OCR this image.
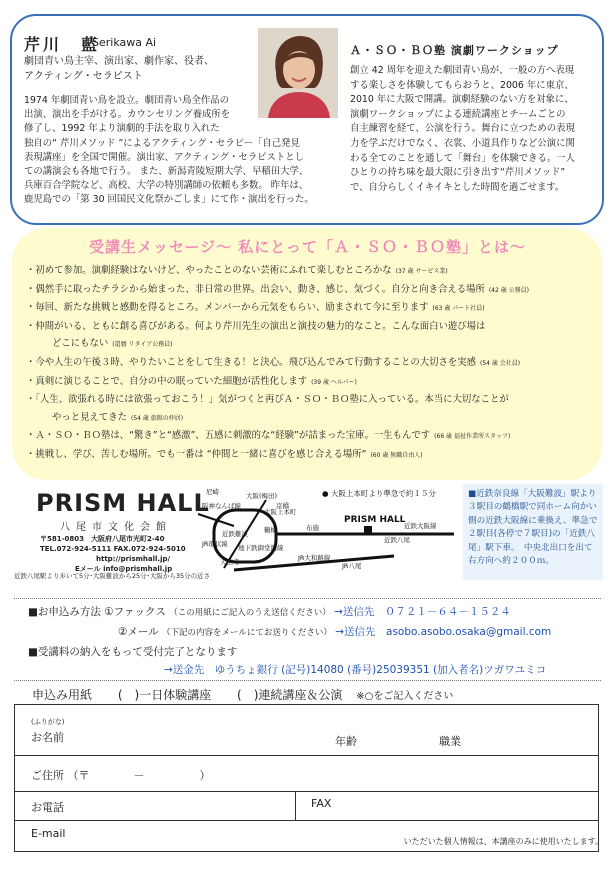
芹川　藍
Serikawa Ai
劇団青い鳥主宰、演出家、劇作家、役者、
アクティング・セラピスト
1974 年劇団青い鳥を設立。劇団青い鳥全作品の
出演、演出を手がける。カウンセリング養成所を
修了し、1992 年より演劇的手法を取り入れた
独自の“ 芹川メソッド ”によるアクティング・セラピー「自己発見
表現講座」を全国で開催。演出家、アクティング・セラピストとし
ての講演会も各地で行う。 また、新潟青陵短期大学、早稲田大学、
兵庫百合学院など、高校、大学の特別講師の依頼も多数。 昨年は、
鹿児島での「第 30 回国民文化祭かごしま」にて作・演出を行った。
Ａ・ＳＯ・ＢＯ塾 演劇ワークショップ
創立 42 周年を迎えた劇団青い鳥が、一般の方へ表現
する楽しさを体験してもらおうと、2006 年に東京、
2010 年に大阪で開講。演劇経験のない方を対象に、
演劇ワークショップによる連続講座とチームごとの
自主練習を経て、公演を行う。舞台に立つための表現
力を学ぶだけでなく、衣裳、小道具作りなど公演に関
わる全てのことを通して「舞台」を体験できる。一人
ひとりの持ち味を最大限に引き出す“芹川メソッド”
で、自分らしくイキイキとした時間を過ごせます。
受講生メッセージ～ 私にとって「Ａ・ＳＯ・ＢＯ塾」とは～
・初めて参加。演劇経験はないけど、やったことのない芸術にふれて楽しむところかな (37 歳 サービス業)
・偶然手に取ったチラシから始まった、非日常の世界。出会い、動き、感じ、気づく。自分と向き合える場所 (42 歳 公務員)
・毎回、新たな挑戦と感動を得るところ。メンバーから元気をもらい、励まされて今に至ります (63 歳 パート社員)
・仲間がいる、ともに創る喜びがある。何より芹川先生の演出と演技の魅力的なこと。こんな面白い遊び場は
どこにもない (還暦 リタイア公務員)
・今や人生の午後３時、やりたいことをして生きる！と決心。飛び込んでみて行動することの大切さを実感 (54 歳 会社員)
・真剣に演じることで、自分の中の眠っていた細胞が活性化します (39 歳 ヘルパー)
・「人生、欲張れる時には欲張っておこう！」気がつくと再びＡ・ＳＯ・ＢＯ塾に入っている。本当に大切なことが
やっと見えてきた (54 歳 旅館の仲居)
・Ａ・ＳＯ・ＢＯ塾は、“驚き”と“感激”、五感に刺激的な“経験”が詰まった宝庫。一生もんです (66 歳 福祉作業所スタッフ)
・挑戦し、学び、苦しむ場所。でも一番は “仲間と一緒に喜びを感じ合える場所” (60 歳 無職自由人)
PRISM HALL
八尾市文化会館
〒581-0803　大阪府八尾市光町2-40
TEL.072-924-5111 FAX.072-924-5010
　　　　　　　　http://prismhall.jp/
　　　　　Eメール info@prismhall.jp
近鉄八尾駅より歩いて5分･大阪難波から25分･大阪から35分の近さ
鶴橋	布施
近鉄八尾
近鉄大阪線
JR八尾
大阪上本町
大阪(梅田)
京橋
JR環状線
天王寺	JR大和路線
地下鉄御堂筋線
阪神なんば線
近鉄難波
尼崎
PRISM HALL
● 大阪上本町より準急で約１５分	■近鉄奈良線「大阪難波」駅より３駅目の鶴橋駅で同ホーム向かい側の近鉄大阪線に乗換え、準急で２駅目(各停で７駅目)の「近鉄八尾」駅下車。　中央北出口を出て右方向へ約２００ｍ。
■お申込み方法 ①ファックス （この用紙にご記入のうえ送信ください） →送信先　０７２１－６４－１５２４
②メール （下記の内容をメールにてお送りください） →送信先　asobo.asobo.osaka@gmail.com
■受講料の納入をもって受付完了となります
→送金先　ゆうちょ銀行 (記号)14080 (番号)25039351 (加入者名)ツガワユミコ
申込み用紙 (　)一日体験講座 (　)連続講座＆公演 ※○をご記入ください
(ふりがな)
お名前	年齢	職業
ご住所 （〒　　　　－　　　　　）
お電話	FAX
E-mail
いただいた個人情報は、本講座のみに使用いたします。
